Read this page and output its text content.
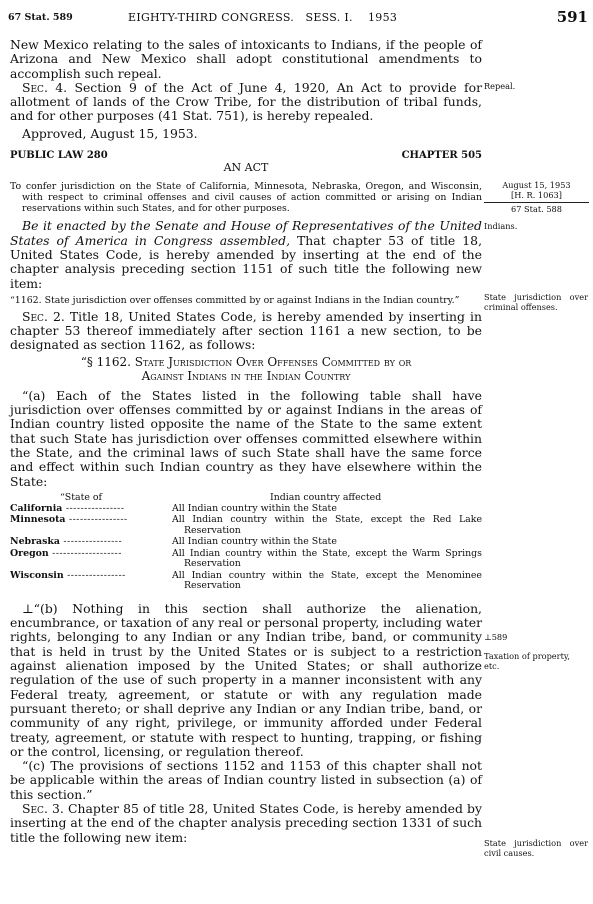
67 Stat. 589	EIGHTY-THIRD CONGRESS. SESS. I. 1953	591

New Mexico relating to the sales of intoxicants to Indians, if the people of Arizona and New Mexico shall adopt constitutional amendments to accomplish such repeal.

Sec. 4. Section 9 of the Act of June 4, 1920, An Act to provide for allotment of lands of the Crow Tribe, for the distribution of tribal funds, and for other purposes (41 Stat. 751), is hereby repealed.

Approved, August 15, 1953.

PUBLIC LAW 280	CHAPTER 505

AN ACT

To confer jurisdiction on the State of California, Minnesota, Nebraska, Oregon, and Wisconsin, with respect to criminal offenses and civil causes of action committed or arising on Indian reservations within such States, and for other purposes.

Be it enacted by the Senate and House of Representatives of the United States of America in Congress assembled, That chapter 53 of title 18, United States Code, is hereby amended by inserting at the end of the chapter analysis preceding section 1151 of such title the following new item:

“1162. State jurisdiction over offenses committed by or against Indians in the Indian country.”

Sec. 2. Title 18, United States Code, is hereby amended by inserting in chapter 53 thereof immediately after section 1161 a new section, to be designated as section 1162, as follows:

“§ 1162. State Jurisdiction Over Offenses Committed by or
Against Indians in the Indian Country

“(a) Each of the States listed in the following table shall have jurisdiction over offenses committed by or against Indians in the areas of Indian country listed opposite the name of the State to the same extent that such State has jurisdiction over offenses committed elsewhere within the State, and the criminal laws of such State shall have the same force and effect within such Indian country as they have elsewhere within the State:

“State of	Indian country affected
California ----------------	All Indian country within the State
Minnesota ----------------	All Indian country within the State, except the Red Lake Reservation
Nebraska ----------------	All Indian country within the State
Oregon -------------------	All Indian country within the State, except the Warm Springs Reservation
Wisconsin ----------------	All Indian country within the State, except the Menominee Reservation

⊥“(b) Nothing in this section shall authorize the alienation, encumbrance, or taxation of any real or personal property, including water rights, belonging to any Indian or any Indian tribe, band, or community that is held in trust by the United States or is subject to a restriction against alienation imposed by the United States; or shall authorize regulation of the use of such property in a manner inconsistent with any Federal treaty, agreement, or statute or with any regulation made pursuant thereto; or shall deprive any Indian or any Indian tribe, band, or community of any right, privilege, or immunity afforded under Federal treaty, agreement, or statute with respect to hunting, trapping, or fishing or the control, licensing, or regulation thereof.

“(c) The provisions of sections 1152 and 1153 of this chapter shall not be applicable within the areas of Indian country listed in subsection (a) of this section.”

Sec. 3. Chapter 85 of title 28, United States Code, is hereby amended by inserting at the end of the chapter analysis preceding section 1331 of such title the following new item:

Repeal.
August 15, 1953
[H. R. 1063]
67 Stat. 588
Indians.
State jurisdiction over criminal offenses.
⊥589
Taxation of property, etc.
State jurisdiction over civil causes.
